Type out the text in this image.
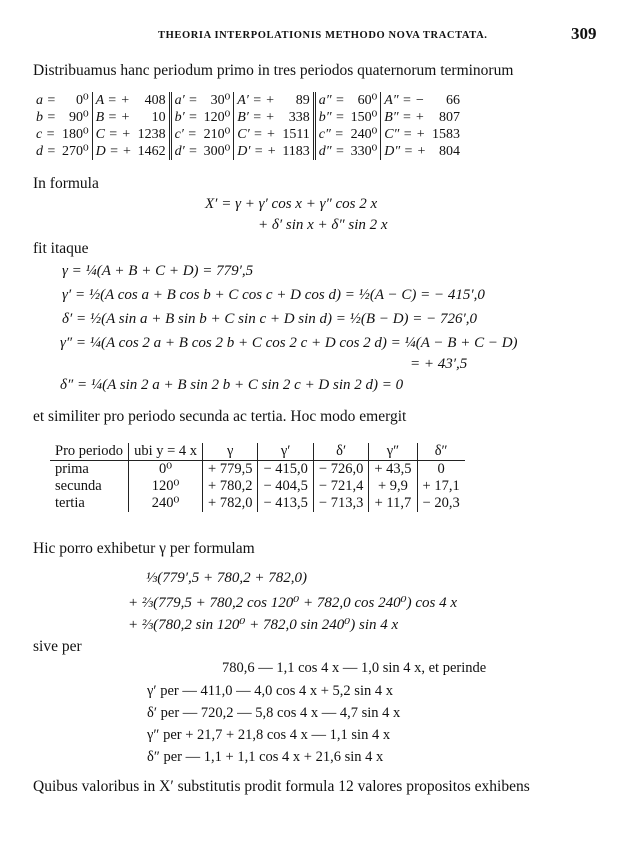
THEORIA INTERPOLATIONIS METHODO NOVA TRACTATA.	309
Distribuamus hanc periodum primo in tres periodos quaternorum terminorum
a =	0⁰	A = +	408	a′ =	30⁰	A′ = +	89	a″ =	60⁰	A″ = −	66
b =	90⁰	B = +	10	b′ =	120⁰	B′ = +	338	b″ =	150⁰	B″ = +	807
c =	180⁰	C = +	1238	c′ =	210⁰	C′ = +	1511	c″ =	240⁰	C″ = +	1583
d =	270⁰	D = +	1462	d′ =	300⁰	D′ = +	1183	d″ =	330⁰	D″ = +	804
In formula
X′ = γ + γ′ cos x + γ″ cos 2 x
+ δ′ sin x + δ″ sin 2 x
fit itaque
γ = ¼(A + B + C + D) = 779′,5
γ′ = ½(A cos a + B cos b + C cos c + D cos d) = ½(A − C) = − 415′,0
δ′ = ½(A sin a + B sin b + C sin c + D sin d) = ½(B − D) = − 726′,0
γ″ = ¼(A cos 2 a + B cos 2 b + C cos 2 c + D cos 2 d) = ¼(A − B + C − D)
= + 43′,5
δ″ = ¼(A sin 2 a + B sin 2 b + C sin 2 c + D sin 2 d) = 0
et similiter pro periodo secunda ac tertia. Hoc modo emergit
Pro periodo	ubi y = 4 x	γ	γ′	δ′	γ″	δ″
prima	0⁰	+ 779,5	− 415,0	− 726,0	+ 43,5	0
secunda	120⁰	+ 780,2	− 404,5	− 721,4	+ 9,9	+ 17,1
tertia	240⁰	+ 782,0	− 413,5	− 713,3	+ 11,7	− 20,3
Hic porro exhibetur γ per formulam
⅓(779′,5 + 780,2 + 782,0)
+ ⅔(779,5 + 780,2 cos 120⁰ + 782,0 cos 240⁰) cos 4 x
+ ⅔(780,2 sin 120⁰ + 782,0 sin 240⁰) sin 4 x
sive per
780,6 — 1,1 cos 4 x — 1,0 sin 4 x, et perinde
γ′ per — 411,0 — 4,0 cos 4 x + 5,2 sin 4 x
δ′ per — 720,2 — 5,8 cos 4 x — 4,7 sin 4 x
γ″ per + 21,7 + 21,8 cos 4 x — 1,1 sin 4 x
δ″ per — 1,1 + 1,1 cos 4 x + 21,6 sin 4 x
Quibus valoribus in X′ substitutis prodit formula 12 valores propositos exhibens
